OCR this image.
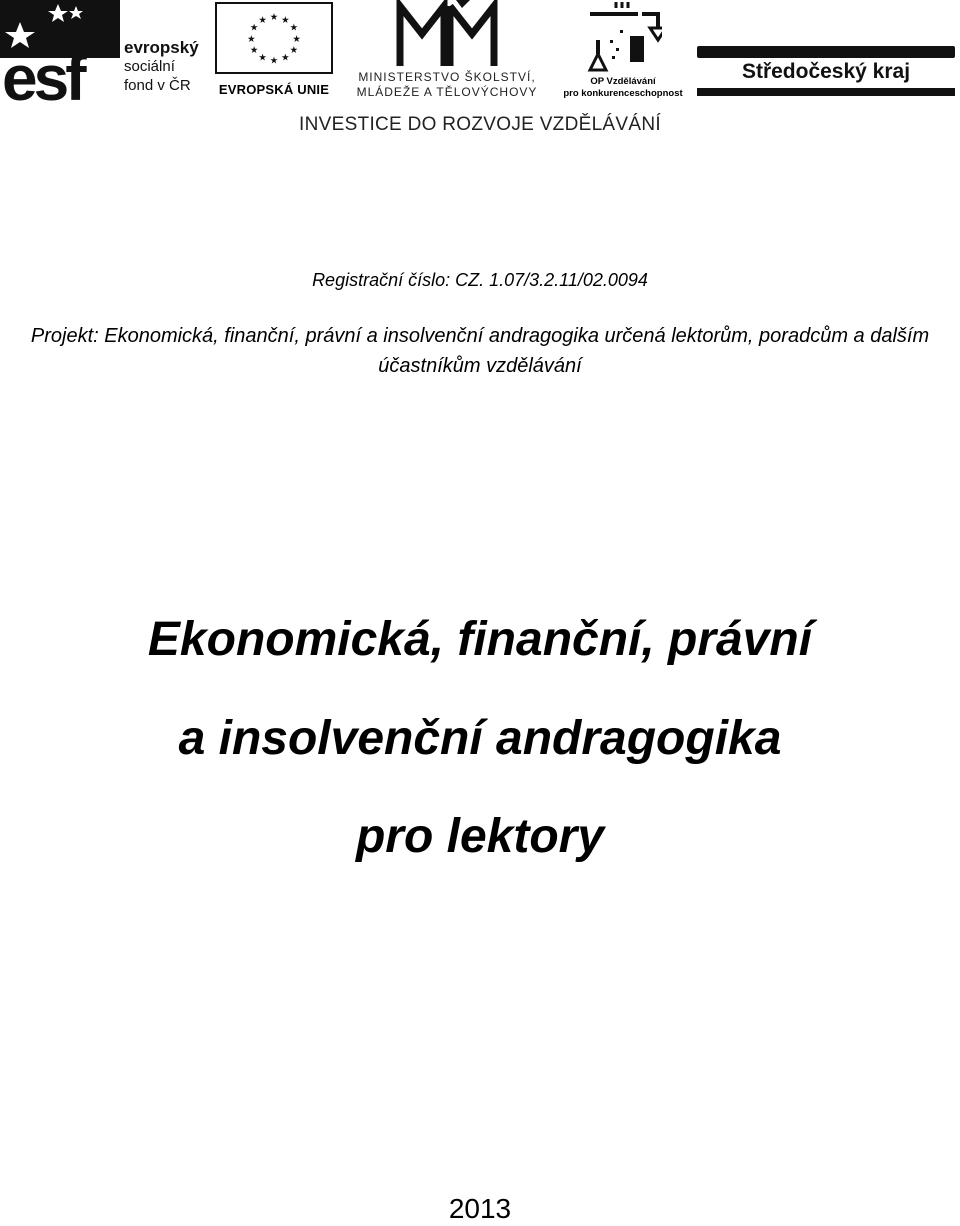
esf evropský
sociální
fond v ČR
★ ★
★
★
★
★
★
★
★
★
★
★
EVROPSKÁ UNIE
MINISTERSTVO ŠKOLSTVÍ,
MLÁDEŽE A TĚLOVÝCHOVY
OP Vzdělávání
pro konkurenceschopnost
Středočeský kraj
INVESTICE DO ROZVOJE VZDĚLÁVÁNÍ
Registrační číslo: CZ. 1.07/3.2.11/02.0094
Projekt: Ekonomická, finanční, právní a insolvenční andragogika určená lektorům, poradcům a dalším
účastníkům vzdělávání
Ekonomická, finanční, právní
a insolvenční andragogika
pro lektory
2013
